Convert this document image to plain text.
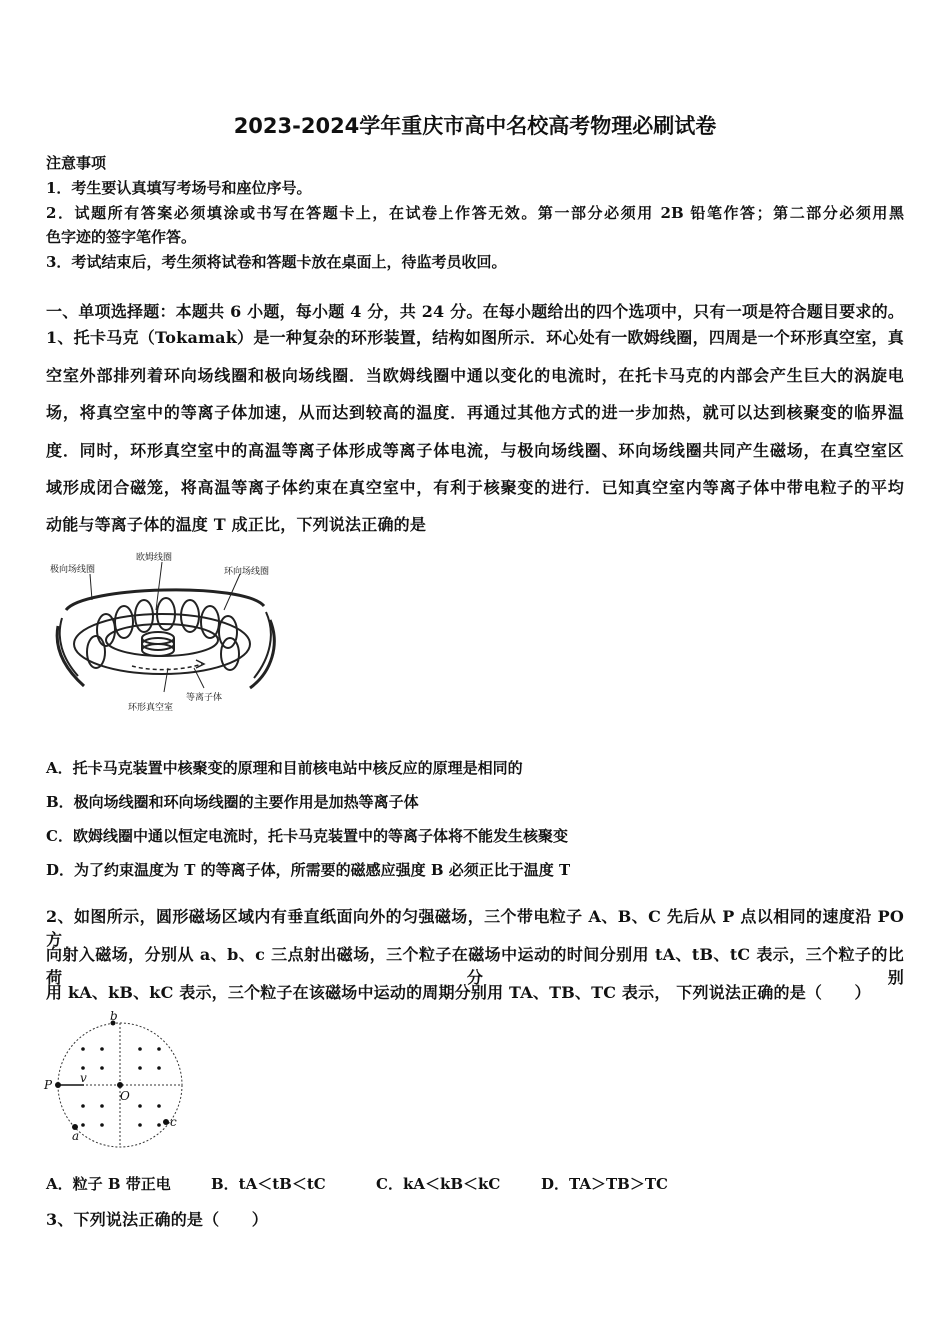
2023-2024学年重庆市高中名校高考物理必刷试卷
注意事项
1．考生要认真填写考场号和座位序号。
2．试题所有答案必须填涂或书写在答题卡上，在试卷上作答无效。第一部分必须用 2B 铅笔作答；第二部分必须用黑
色字迹的签字笔作答。
3．考试结束后，考生须将试卷和答题卡放在桌面上，待监考员收回。
一、单项选择题：本题共 6 小题，每小题 4 分，共 24 分。在每小题给出的四个选项中，只有一项是符合题目要求的。
1、托卡马克（Tokamak）是一种复杂的环形装置，结构如图所示．环心处有一欧姆线圈，四周是一个环形真空室，真
空室外部排列着环向场线圈和极向场线圈．当欧姆线圈中通以变化的电流时，在托卡马克的内部会产生巨大的涡旋电
场，将真空室中的等离子体加速，从而达到较高的温度．再通过其他方式的进一步加热，就可以达到核聚变的临界温
度．同时，环形真空室中的高温等离子体形成等离子体电流，与极向场线圈、环向场线圈共同产生磁场，在真空室区
域形成闭合磁笼，将高温等离子体约束在真空室中，有利于核聚变的进行．已知真空室内等离子体中带电粒子的平均
动能与等离子体的温度 T 成正比，下列说法正确的是
极向场线圈
欧姆线圈
环向场线圈
等离子体
环形真空室
A．托卡马克装置中核聚变的原理和目前核电站中核反应的原理是相同的
B．极向场线圈和环向场线圈的主要作用是加热等离子体
C．欧姆线圈中通以恒定电流时，托卡马克装置中的等离子体将不能发生核聚变
D．为了约束温度为 T 的等离子体，所需要的磁感应强度 B 必须正比于温度 T
2、如图所示，圆形磁场区域内有垂直纸面向外的匀强磁场，三个带电粒子 A、B、C 先后从 P 点以相同的速度沿 PO 方
向射入磁场，分别从 a、b、c 三点射出磁场，三个粒子在磁场中运动的时间分别用 tA、tB、tC 表示，三个粒子的比荷分别
用 kA、kB、kC 表示，三个粒子在该磁场中运动的周期分别用 TA、TB、TC 表示， 下列说法正确的是（　　）
b
P v
O
a
c
A．粒子 B 带正电	B．tA＜tB＜tC	C．kA＜kB＜kC	D．TA＞TB＞TC
3、下列说法正确的是（　　）
